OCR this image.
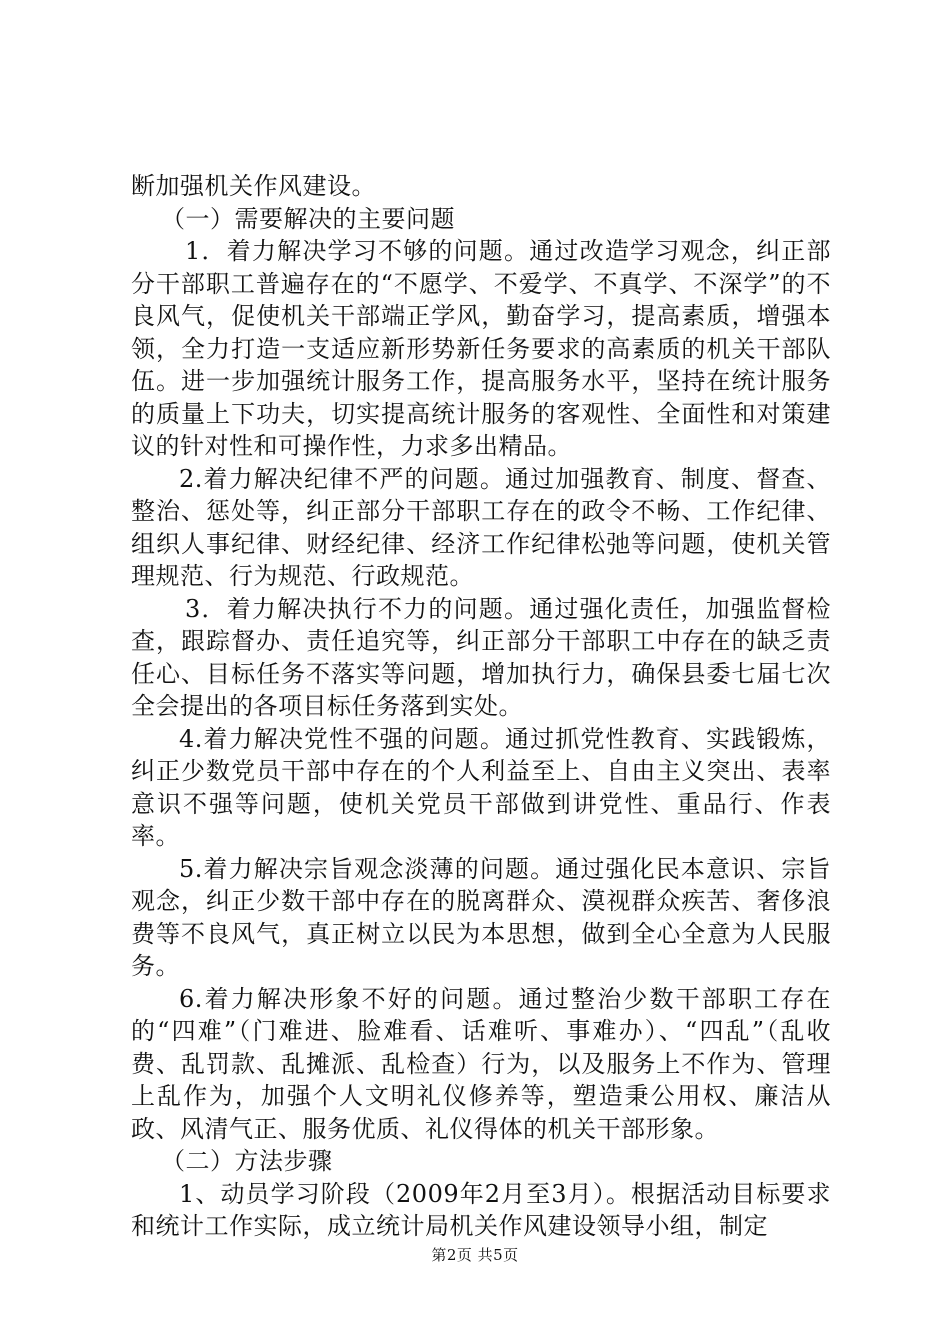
断加强机关作风建设。

（一）需要解决的主要问题

1．着力解决学习不够的问题。通过改造学习观念，纠正部分干部职工普遍存在的“不愿学、不爱学、不真学、不深学”的不良风气，促使机关干部端正学风，勤奋学习，提高素质，增强本领，全力打造一支适应新形势新任务要求的高素质的机关干部队伍。进一步加强统计服务工作，提高服务水平，坚持在统计服务的质量上下功夫，切实提高统计服务的客观性、全面性和对策建议的针对性和可操作性，力求多出精品。

2.着力解决纪律不严的问题。通过加强教育、制度、督查、整治、惩处等，纠正部分干部职工存在的政令不畅、工作纪律、组织人事纪律、财经纪律、经济工作纪律松弛等问题，使机关管理规范、行为规范、行政规范。

3．着力解决执行不力的问题。通过强化责任，加强监督检查，跟踪督办、责任追究等，纠正部分干部职工中存在的缺乏责任心、目标任务不落实等问题，增加执行力，确保县委七届七次全会提出的各项目标任务落到实处。

4.着力解决党性不强的问题。通过抓党性教育、实践锻炼，纠正少数党员干部中存在的个人利益至上、自由主义突出、表率意识不强等问题，使机关党员干部做到讲党性、重品行、作表率。

5.着力解决宗旨观念淡薄的问题。通过强化民本意识、宗旨观念，纠正少数干部中存在的脱离群众、漠视群众疾苦、奢侈浪费等不良风气，真正树立以民为本思想，做到全心全意为人民服务。

6.着力解决形象不好的问题。通过整治少数干部职工存在的“四难”（门难进、脸难看、话难听、事难办）、“四乱”（乱收费、乱罚款、乱摊派、乱检查）行为，以及服务上不作为、管理上乱作为，加强个人文明礼仪修养等，塑造秉公用权、廉洁从政、风清气正、服务优质、礼仪得体的机关干部形象。

（二）方法步骤

1、动员学习阶段（2009年2月至3月）。根据活动目标要求和统计工作实际，成立统计局机关作风建设领导小组，制定

第2页 共5页
